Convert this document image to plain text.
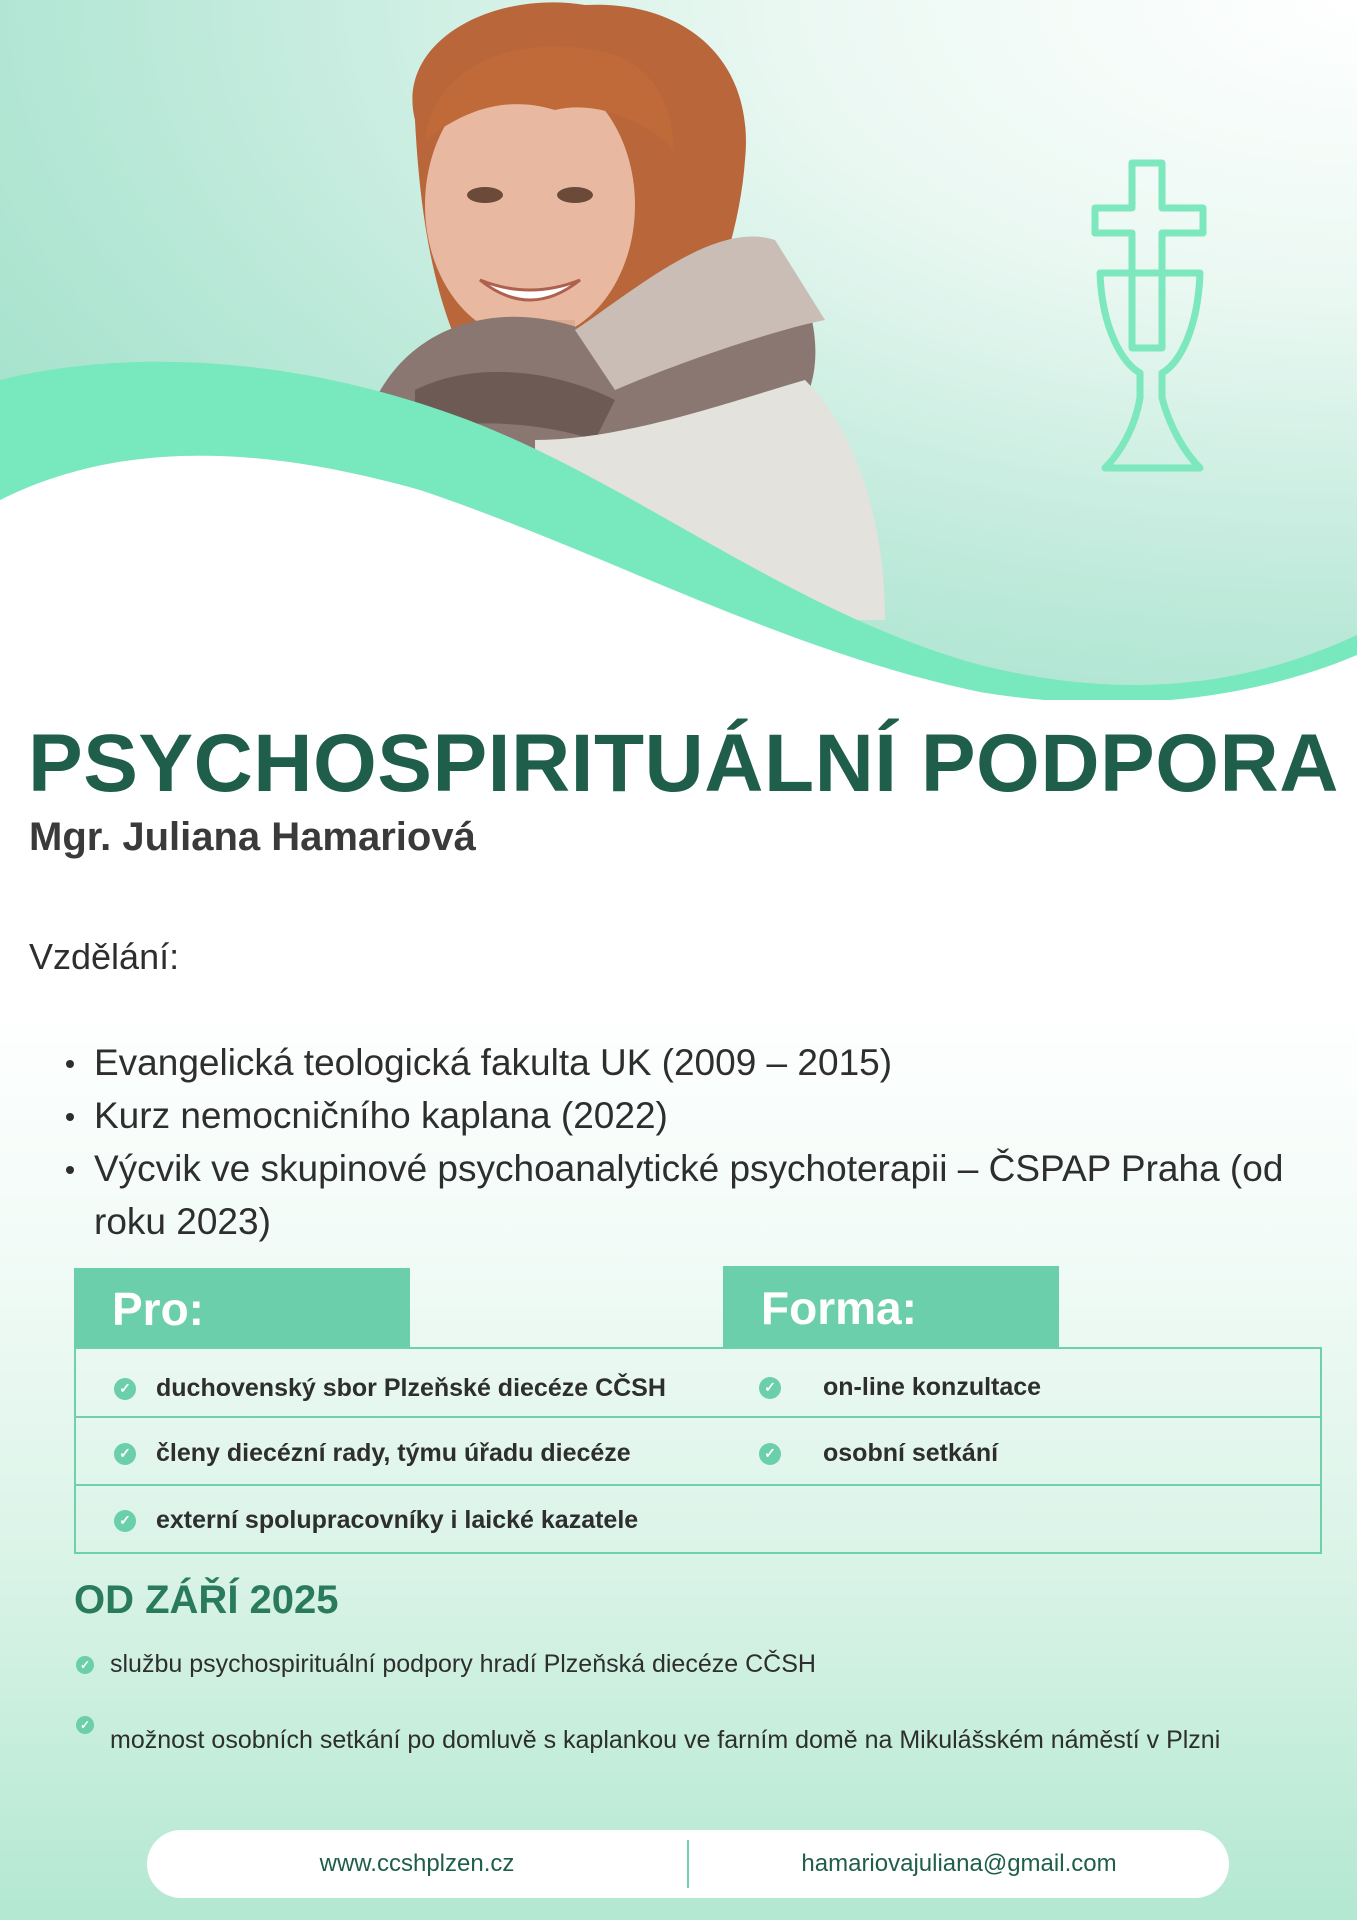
PSYCHOSPIRITUÁLNÍ PODPORA
Mgr. Juliana Hamariová
Vzdělání:
Evangelická teologická fakulta UK (2009 – 2015)
Kurz nemocničního kaplana (2022)
Výcvik ve skupinové psychoanalytické psychoterapii – ČSPAP Praha (od roku 2023)
Pro:	Forma:
✓ duchovenský sbor Plzeňské diecéze CČSH
✓ členy diecézní rady, týmu úřadu diecéze
✓ externí spolupracovníky i laické kazatele
✓ on-line konzultace
✓ osobní setkání
OD ZÁŘÍ 2025
✓ službu psychospirituální podpory hradí Plzeňská diecéze CČSH
✓
možnost osobních setkání po domluvě s kaplankou ve farním domě na Mikulášském náměstí v Plzni
www.ccshplzen.cz	hamariovajuliana@gmail.com
